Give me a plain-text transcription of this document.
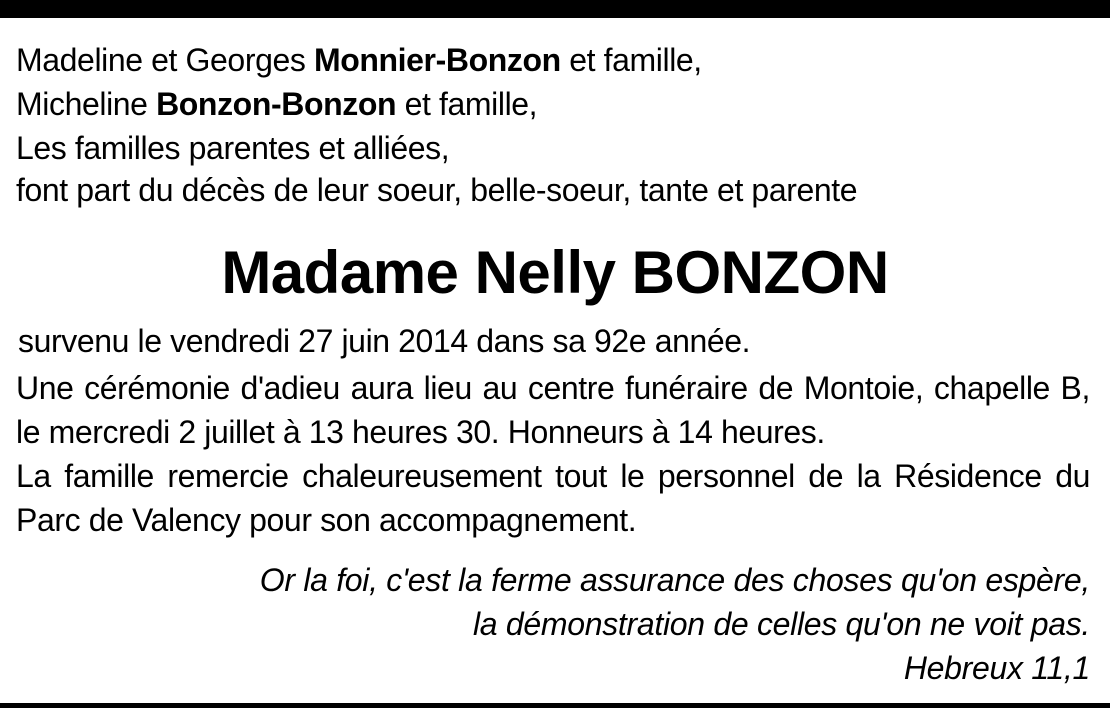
Madeline et Georges Monnier-Bonzon et famille,
Micheline Bonzon-Bonzon et famille,
Les familles parentes et alliées,
font part du décès de leur soeur, belle-soeur, tante et parente
Madame Nelly BONZON
survenu le vendredi 27 juin 2014 dans sa 92e année.

Une cérémonie d'adieu aura lieu au centre funéraire de Montoie, chapelle B, le mercredi 2 juillet à 13 heures 30. Honneurs à 14 heures.

La famille remercie chaleureusement tout le personnel de la Résidence du Parc de Valency pour son accompagnement.

Or la foi, c'est la ferme assurance des choses qu'on espère,
la démonstration de celles qu'on ne voit pas.
Hebreux 11,1
